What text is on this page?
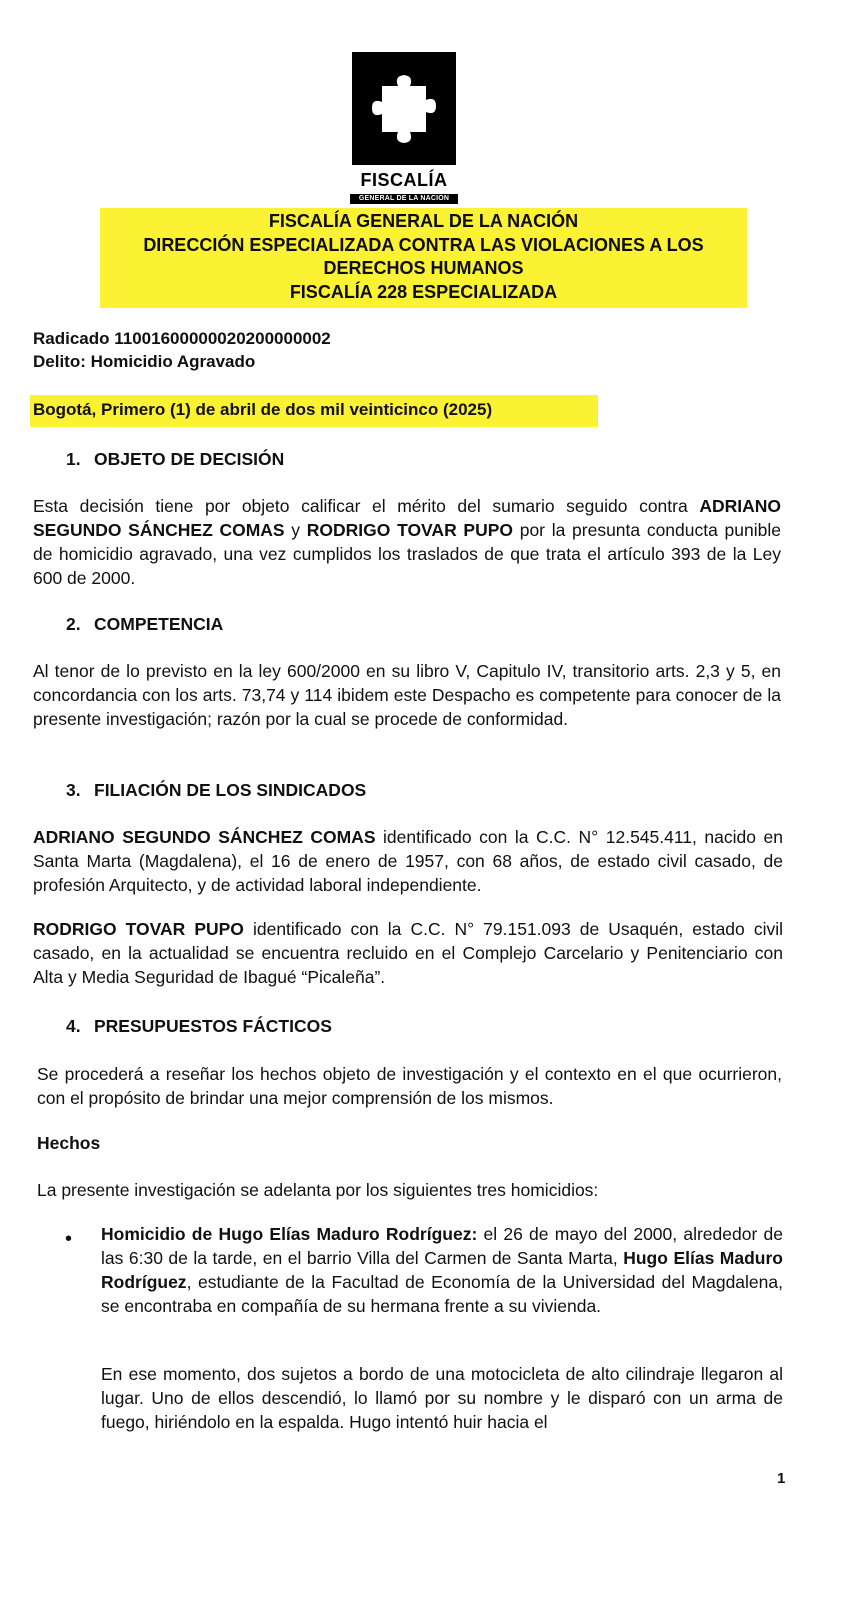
FISCALÍA
GENERAL DE LA NACIÓN
FISCALÍA GENERAL DE LA NACIÓN
DIRECCIÓN ESPECIALIZADA CONTRA LAS VIOLACIONES A LOS
DERECHOS HUMANOS
FISCALÍA 228 ESPECIALIZADA
Radicado 11001600000020200000002
Delito: Homicidio Agravado
Bogotá, Primero (1) de abril de dos mil veinticinco (2025)
1. OBJETO DE DECISIÓN

Esta decisión tiene por objeto calificar el mérito del sumario seguido contra ADRIANO SEGUNDO SÁNCHEZ COMAS y RODRIGO TOVAR PUPO por la presunta conducta punible de homicidio agravado, una vez cumplidos los traslados de que trata el artículo 393 de la Ley 600 de 2000.

2. COMPETENCIA

Al tenor de lo previsto en la ley 600/2000 en su libro V, Capitulo IV, transitorio arts. 2,3 y 5, en concordancia con los arts. 73,74 y 114 ibidem este Despacho es competente para conocer de la presente investigación; razón por la cual se procede de conformidad.

3. FILIACIÓN DE LOS SINDICADOS

ADRIANO SEGUNDO SÁNCHEZ COMAS identificado con la C.C. N° 12.545.411, nacido en Santa Marta (Magdalena), el 16 de enero de 1957, con 68 años, de estado civil casado, de profesión Arquitecto, y de actividad laboral independiente.

RODRIGO TOVAR PUPO identificado con la C.C. N° 79.151.093 de Usaquén, estado civil casado, en la actualidad se encuentra recluido en el Complejo Carcelario y Penitenciario con Alta y Media Seguridad de Ibagué “Picaleña”.

4. PRESUPUESTOS FÁCTICOS

Se procederá a reseñar los hechos objeto de investigación y el contexto en el que ocurrieron, con el propósito de brindar una mejor comprensión de los mismos.

Hechos

La presente investigación se adelanta por los siguientes tres homicidios:

• Homicidio de Hugo Elías Maduro Rodríguez: el 26 de mayo del 2000, alrededor de las 6:30 de la tarde, en el barrio Villa del Carmen de Santa Marta, Hugo Elías Maduro Rodríguez, estudiante de la Facultad de Economía de la Universidad del Magdalena, se encontraba en compañía de su hermana frente a su vivienda.

En ese momento, dos sujetos a bordo de una motocicleta de alto cilindraje llegaron al lugar. Uno de ellos descendió, lo llamó por su nombre y le disparó con un arma de fuego, hiriéndolo en la espalda. Hugo intentó huir hacia el

1
